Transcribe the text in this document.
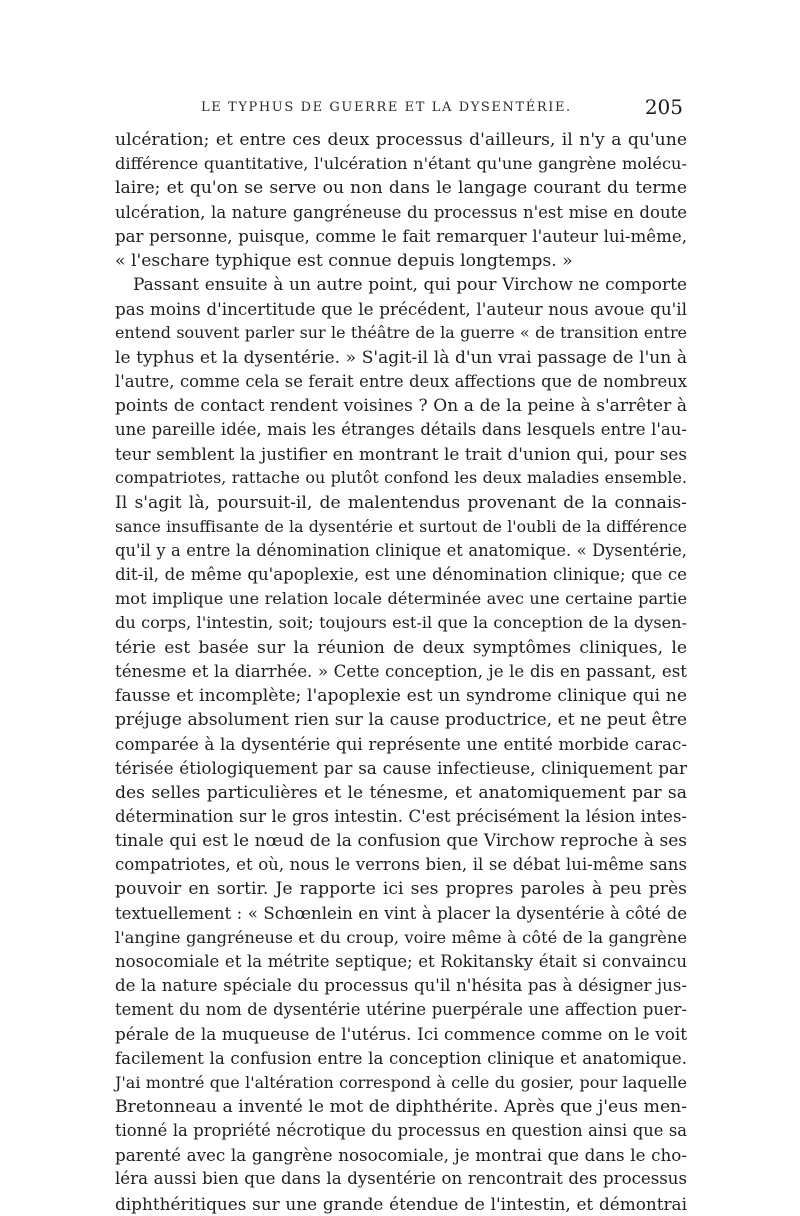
LE TYPHUS DE GUERRE ET LA DYSENTÉRIE.	205
ulcération; et entre ces deux processus d'ailleurs, il n'y a qu'une
différence quantitative, l'ulcération n'étant qu'une gangrène molécu-
laire; et qu'on se serve ou non dans le langage courant du terme
ulcération, la nature gangréneuse du processus n'est mise en doute
par personne, puisque, comme le fait remarquer l'auteur lui-même,
« l'eschare typhique est connue depuis longtemps. »
Passant ensuite à un autre point, qui pour Virchow ne comporte
pas moins d'incertitude que le précédent, l'auteur nous avoue qu'il
entend souvent parler sur le théâtre de la guerre « de transition entre
le typhus et la dysentérie. » S'agit-il là d'un vrai passage de l'un à
l'autre, comme cela se ferait entre deux affections que de nombreux
points de contact rendent voisines ? On a de la peine à s'arrêter à
une pareille idée, mais les étranges détails dans lesquels entre l'au-
teur semblent la justifier en montrant le trait d'union qui, pour ses
compatriotes, rattache ou plutôt confond les deux maladies ensemble.
Il s'agit là, poursuit-il, de malentendus provenant de la connais-
sance insuffisante de la dysentérie et surtout de l'oubli de la différence
qu'il y a entre la dénomination clinique et anatomique. « Dysentérie,
dit-il, de même qu'apoplexie, est une dénomination clinique; que ce
mot implique une relation locale déterminée avec une certaine partie
du corps, l'intestin, soit; toujours est-il que la conception de la dysen-
térie est basée sur la réunion de deux symptômes cliniques, le
ténesme et la diarrhée. » Cette conception, je le dis en passant, est
fausse et incomplète; l'apoplexie est un syndrome clinique qui ne
préjuge absolument rien sur la cause productrice, et ne peut être
comparée à la dysentérie qui représente une entité morbide carac-
térisée étiologiquement par sa cause infectieuse, cliniquement par
des selles particulières et le ténesme, et anatomiquement par sa
détermination sur le gros intestin. C'est précisément la lésion intes-
tinale qui est le nœud de la confusion que Virchow reproche à ses
compatriotes, et où, nous le verrons bien, il se débat lui-même sans
pouvoir en sortir. Je rapporte ici ses propres paroles à peu près
textuellement : « Schœnlein en vint à placer la dysentérie à côté de
l'angine gangréneuse et du croup, voire même à côté de la gangrène
nosocomiale et la métrite septique; et Rokitansky était si convaincu
de la nature spéciale du processus qu'il n'hésita pas à désigner jus-
tement du nom de dysentérie utérine puerpérale une affection puer-
pérale de la muqueuse de l'utérus. Ici commence comme on le voit
facilement la confusion entre la conception clinique et anatomique.
J'ai montré que l'altération correspond à celle du gosier, pour laquelle
Bretonneau a inventé le mot de diphthérite. Après que j'eus men-
tionné la propriété nécrotique du processus en question ainsi que sa
parenté avec la gangrène nosocomiale, je montrai que dans le cho-
léra aussi bien que dans la dysentérie on rencontrait des processus
diphthéritiques sur une grande étendue de l'intestin, et démontrai
